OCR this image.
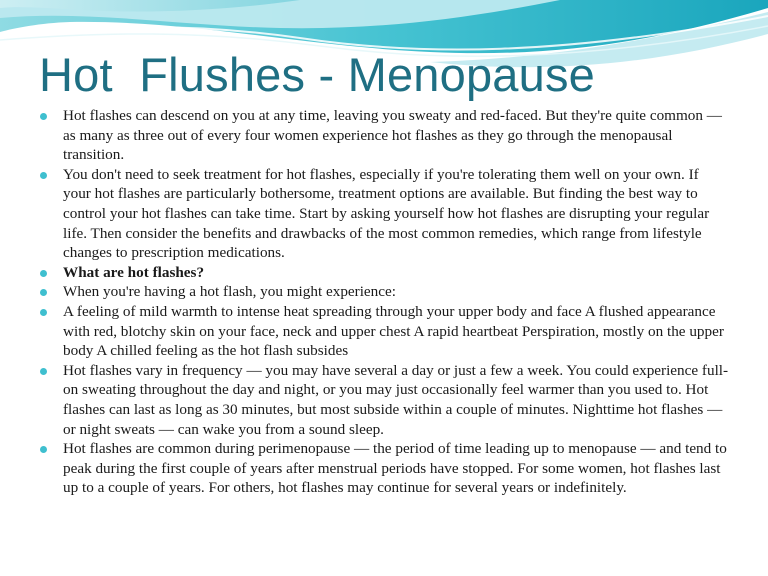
Hot  Flushes - Menopause
Hot flashes can descend on you at any time, leaving you sweaty and red-faced. But they're quite common — as many as three out of every four women experience hot flashes as they go through the menopausal transition.
You don't need to seek treatment for hot flashes, especially if you're tolerating them well on your own. If your hot flashes are particularly bothersome, treatment options are available. But finding the best way to control your hot flashes can take time. Start by asking yourself how hot flashes are disrupting your regular life. Then consider the benefits and drawbacks of the most common remedies, which range from lifestyle changes to prescription medications.
What are hot flashes?
When you're having a hot flash, you might experience:
A feeling of mild warmth to intense heat spreading through your upper body and face A flushed appearance with red, blotchy skin on your face, neck and upper chest A rapid heartbeat Perspiration, mostly on the upper body A chilled feeling as the hot flash subsides
Hot flashes vary in frequency — you may have several a day or just a few a week. You could experience full-on sweating throughout the day and night, or you may just occasionally feel warmer than you used to. Hot flashes can last as long as 30 minutes, but most subside within a couple of minutes. Nighttime hot flashes — or night sweats — can wake you from a sound sleep.
Hot flashes are common during perimenopause — the period of time leading up to menopause — and tend to peak during the first couple of years after menstrual periods have stopped. For some women, hot flashes last up to a couple of years. For others, hot flashes may continue for several years or indefinitely.
